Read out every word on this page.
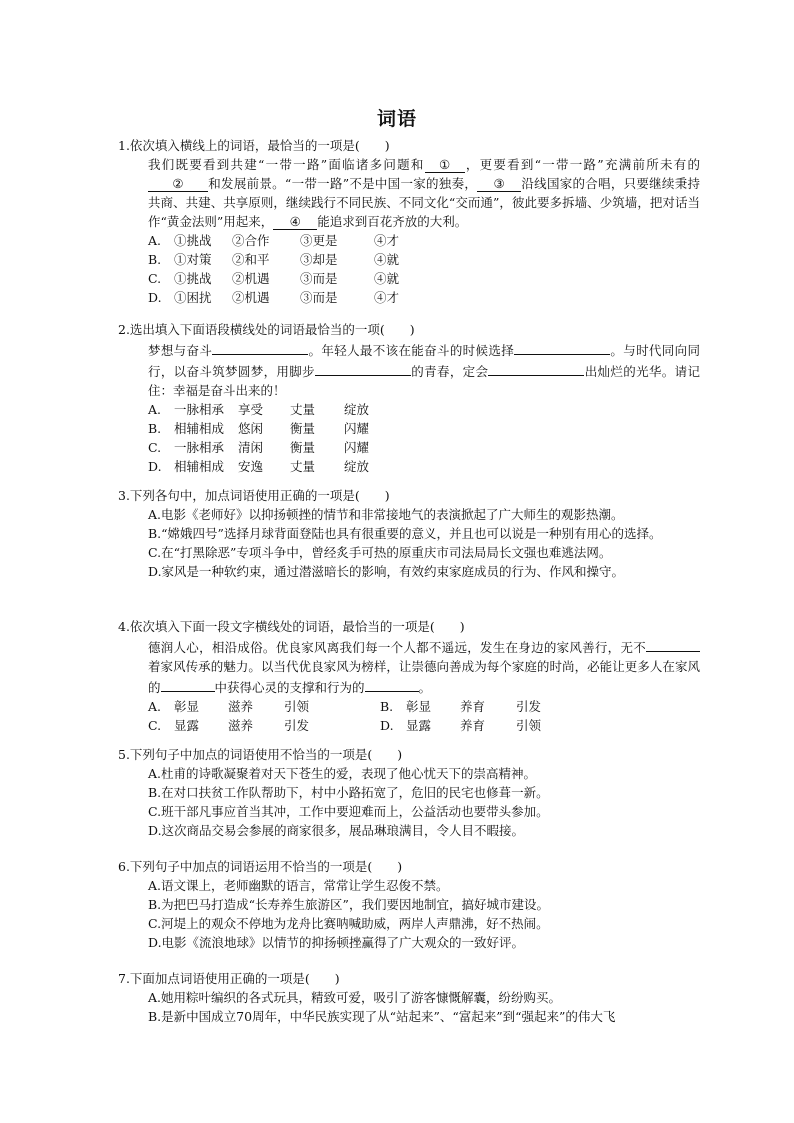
词语
1.依次填入横线上的词语，最恰当的一项是(　　)
我们既要看到共建“一带一路”面临诸多问题和 ① ，更要看到“一带一路”充满前所未有的② 和发展前景。“一带一路”不是中国一家的独奏， ③ 沿线国家的合唱，只要继续秉持共商、共建、共享原则，继续践行不同民族、不同文化“交而通”，彼此要多拆墙、少筑墙，把对话当作“黄金法则”用起来， ④ 能追求到百花齐放的大利。
A.	①挑战	②合作	③更是	④才
B.	①对策	②和平	③却是	④就
C.	①挑战	②机遇	③而是	④就
D. ①困扰	②机遇	③而是	④才
2.选出填入下面语段横线处的词语最恰当的一项(　　)
梦想与奋斗	。年轻人最不该在能奋斗的时候选择	。与时代同向同行，以奋斗筑梦圆梦，用脚步	的青春，定会	出灿烂的光华。请记住：幸福是奋斗出来的！
A.	一脉相承	享受	丈量	绽放
B.	相辅相成	悠闲	衡量	闪耀
C.	一脉相承	清闲	衡量	闪耀
D. 相辅相成	安逸	丈量	绽放
3.下列各句中，加点词语使用正确的一项是(　　)
A.电影《老师好》以抑扬顿挫的情节和非常接地气的表演掀起了广大师生的观影热潮。
B.“嫦娥四号”选择月球背面登陆也具有很重要的意义，并且也可以说是一种别有用心的选择。
C.在“打黑除恶”专项斗争中，曾经炙手可热的原重庆市司法局局长文强也难逃法网。
D.家风是一种软约束，通过潜滋暗长的影响，有效约束家庭成员的行为、作风和操守。
4.依次填入下面一段文字横线处的词语，最恰当的一项是(　　)
德润人心，相沿成俗。优良家风离我们每一个人都不遥远，发生在身边的家风善行，无不着家风传承的魅力。以当代优良家风为榜样，让崇德向善成为每个家庭的时尚，必能让更多人在家风的	中获得心灵的支撑和行为的	。
A.	彰显	滋养	引领	B.	彰显	养育	引发
C.	显露	滋养	引发	D. 显露	养育	引领
5.下列句子中加点的词语使用不恰当的一项是(　　)
A.杜甫的诗歌凝聚着对天下苍生的爱，表现了他心忧天下的崇高精神。
B.在对口扶贫工作队帮助下，村中小路拓宽了，危旧的民宅也修葺一新。
C.班干部凡事应首当其冲，工作中要迎难而上，公益活动也要带头参加。
D.这次商品交易会参展的商家很多，展品琳琅满目，令人目不暇接。
6.下列句子中加点的词语运用不恰当的一项是(　　)
A.语文课上，老师幽默的语言，常常让学生忍俊不禁。
B.为把巴马打造成“长寿养生旅游区”，我们要因地制宜，搞好城市建设。
C.河堤上的观众不停地为龙舟比赛呐喊助威，两岸人声鼎沸，好不热闹。
D.电影《流浪地球》以情节的抑扬顿挫赢得了广大观众的一致好评。
7.下面加点词语使用正确的一项是(　　)
A.她用粽叶编织的各式玩具，精致可爱，吸引了游客慷慨解囊，纷纷购买。
B.是新中国成立70周年，中华民族实现了从“站起来”、“富起来”到“强起来”的伟大飞
